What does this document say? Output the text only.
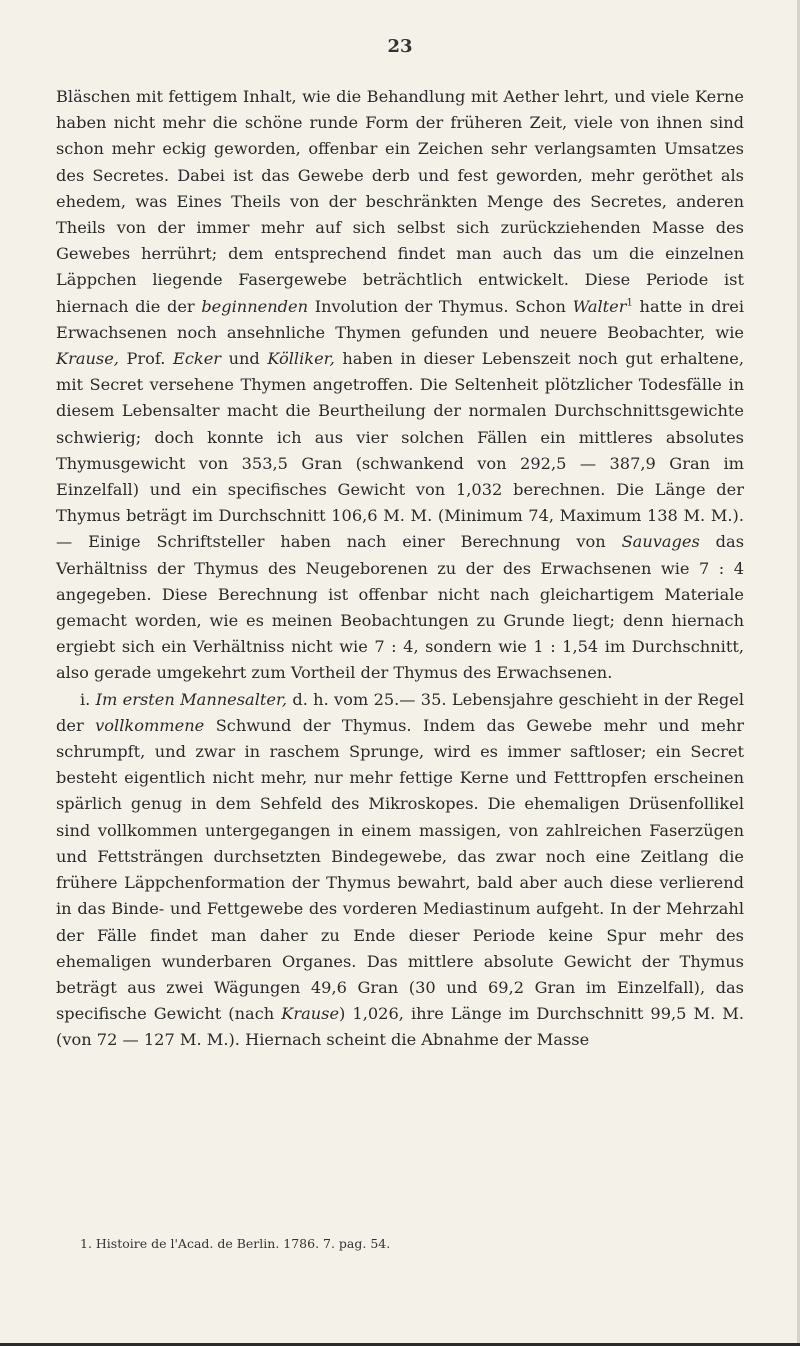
23

Bläschen mit fettigem Inhalt, wie die Behandlung mit Aether lehrt, und viele Kerne haben nicht mehr die schöne runde Form der früheren Zeit, viele von ihnen sind schon mehr eckig geworden, offenbar ein Zeichen sehr verlangsamten Umsatzes des Secretes. Dabei ist das Gewebe derb und fest geworden, mehr geröthet als ehedem, was Eines Theils von der beschränkten Menge des Secretes, anderen Theils von der immer mehr auf sich selbst sich zurückziehenden Masse des Gewebes herrührt; dem entsprechend findet man auch das um die einzelnen Läppchen liegende Fasergewebe beträchtlich entwickelt. Diese Periode ist hiernach die der beginnenden Involution der Thymus. Schon Walter$^1$ hatte in drei Erwachsenen noch ansehnliche Thymen gefunden und neuere Beobachter, wie Krause, Prof. Ecker und Kölliker, haben in dieser Lebenszeit noch gut erhaltene, mit Secret versehene Thymen angetroffen. Die Seltenheit plötzlicher Todesfälle in diesem Lebensalter macht die Beurtheilung der normalen Durchschnittsgewichte schwierig; doch konnte ich aus vier solchen Fällen ein mittleres absolutes Thymusgewicht von 353,5 Gran (schwankend von 292,5 — 387,9 Gran im Einzelfall) und ein specifisches Gewicht von 1,032 berechnen. Die Länge der Thymus beträgt im Durchschnitt 106,6 M. M. (Minimum 74, Maximum 138 M. M.). — Einige Schriftsteller haben nach einer Berechnung von Sauvages das Verhältniss der Thymus des Neugeborenen zu der des Erwachsenen wie 7 : 4 angegeben. Diese Berechnung ist offenbar nicht nach gleichartigem Materiale gemacht worden, wie es meinen Beobachtungen zu Grunde liegt; denn hiernach ergiebt sich ein Verhältniss nicht wie 7 : 4, sondern wie 1 : 1,54 im Durchschnitt, also gerade umgekehrt zum Vortheil der Thymus des Erwachsenen.

i. Im ersten Mannesalter, d. h. vom 25.— 35. Lebensjahre geschieht in der Regel der vollkommene Schwund der Thymus. Indem das Gewebe mehr und mehr schrumpft, und zwar in raschem Sprunge, wird es immer saftloser; ein Secret besteht eigentlich nicht mehr, nur mehr fettige Kerne und Fetttropfen erscheinen spärlich genug in dem Sehfeld des Mikroskopes. Die ehemaligen Drüsenfollikel sind vollkommen untergegangen in einem massigen, von zahlreichen Faserzügen und Fettsträngen durchsetzten Bindegewebe, das zwar noch eine Zeitlang die frühere Läppchenformation der Thymus bewahrt, bald aber auch diese verlierend in das Binde- und Fettgewebe des vorderen Mediastinum aufgeht. In der Mehrzahl der Fälle findet man daher zu Ende dieser Periode keine Spur mehr des ehemaligen wunderbaren Organes. Das mittlere absolute Gewicht der Thymus beträgt aus zwei Wägungen 49,6 Gran (30 und 69,2 Gran im Einzelfall), das specifische Gewicht (nach Krause) 1,026, ihre Länge im Durchschnitt 99,5 M. M. (von 72 — 127 M. M.). Hiernach scheint die Abnahme der Masse

1. Histoire de l'Acad. de Berlin. 1786. 7. pag. 54.
